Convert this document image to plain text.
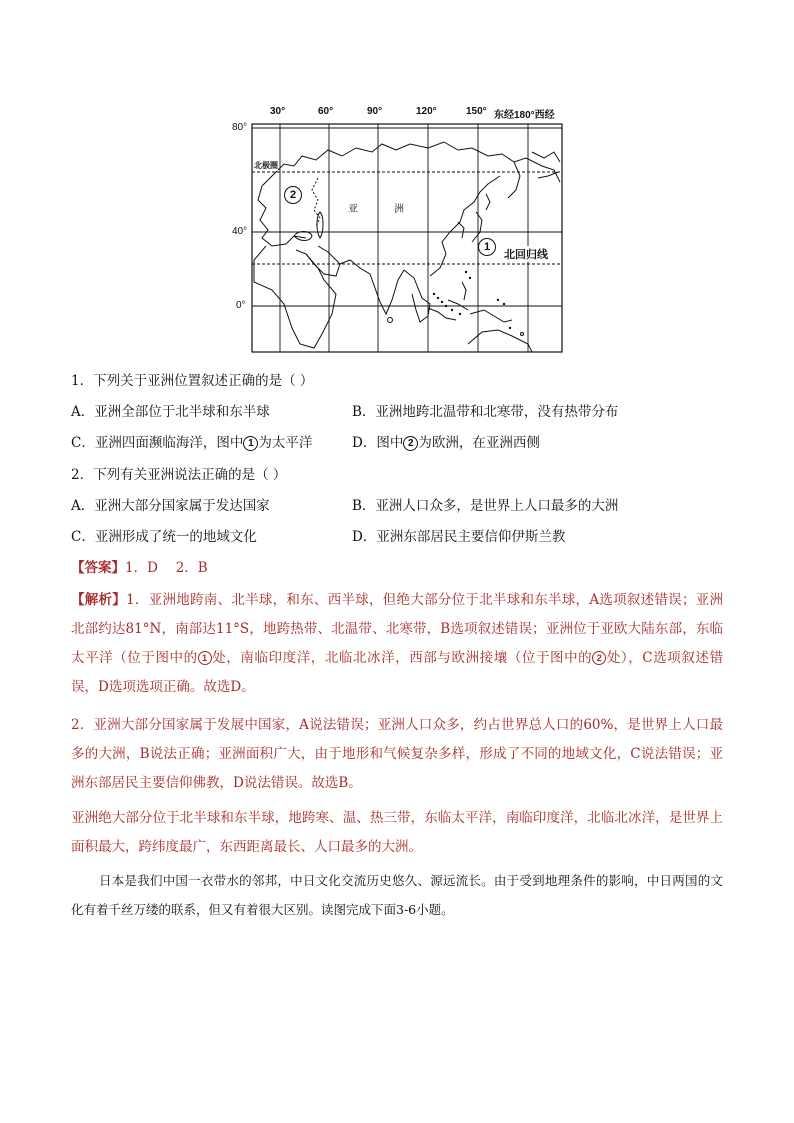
30°	60°	90°	120°	150° 东经180°西经
80°
40°
0°
北极圈
亚	洲
2
1
北回归线
1．下列关于亚洲位置叙述正确的是（ ）
A．亚洲全部位于北半球和东半球	B．亚洲地跨北温带和北寒带，没有热带分布
C．亚洲四面濒临海洋，图中 1 为太平洋	D．图中 2 为欧洲，在亚洲西侧
2．下列有关亚洲说法正确的是（ ）
A．亚洲大部分国家属于发达国家	B．亚洲人口众多，是世界上人口最多的大洲
C．亚洲形成了统一的地域文化	D．亚洲东部居民主要信仰伊斯兰教
【答案】1．D　 2．B
【解析】1．亚洲地跨南、北半球，和东、西半球，但绝大部分位于北半球和东半球，A选项叙述错误；亚洲北部约达81°N，南部达11°S，地跨热带、北温带、北寒带，B选项叙述错误；亚洲位于亚欧大陆东部，东临太平洋（位于图中的 1 处，南临印度洋，北临北冰洋，西部与欧洲接壤（位于图中的 2 处），C选项叙述错误，D选项选项正确。故选D。
2．亚洲大部分国家属于发展中国家，A说法错误；亚洲人口众多，约占世界总人口的60%，是世界上人口最多的大洲，B说法正确；亚洲面积广大，由于地形和气候复杂多样，形成了不同的地域文化，C说法错误；亚洲东部居民主要信仰佛教，D说法错误。故选B。
亚洲绝大部分位于北半球和东半球，地跨寒、温、热三带，东临太平洋，南临印度洋，北临北冰洋，是世界上面积最大，跨纬度最广，东西距离最长、人口最多的大洲。
日本是我们中国一衣带水的邻邦，中日文化交流历史悠久、源远流长。由于受到地理条件的影响，中日两国的文化有着千丝万缕的联系，但又有着很大区别。读图完成下面3-6小题。
